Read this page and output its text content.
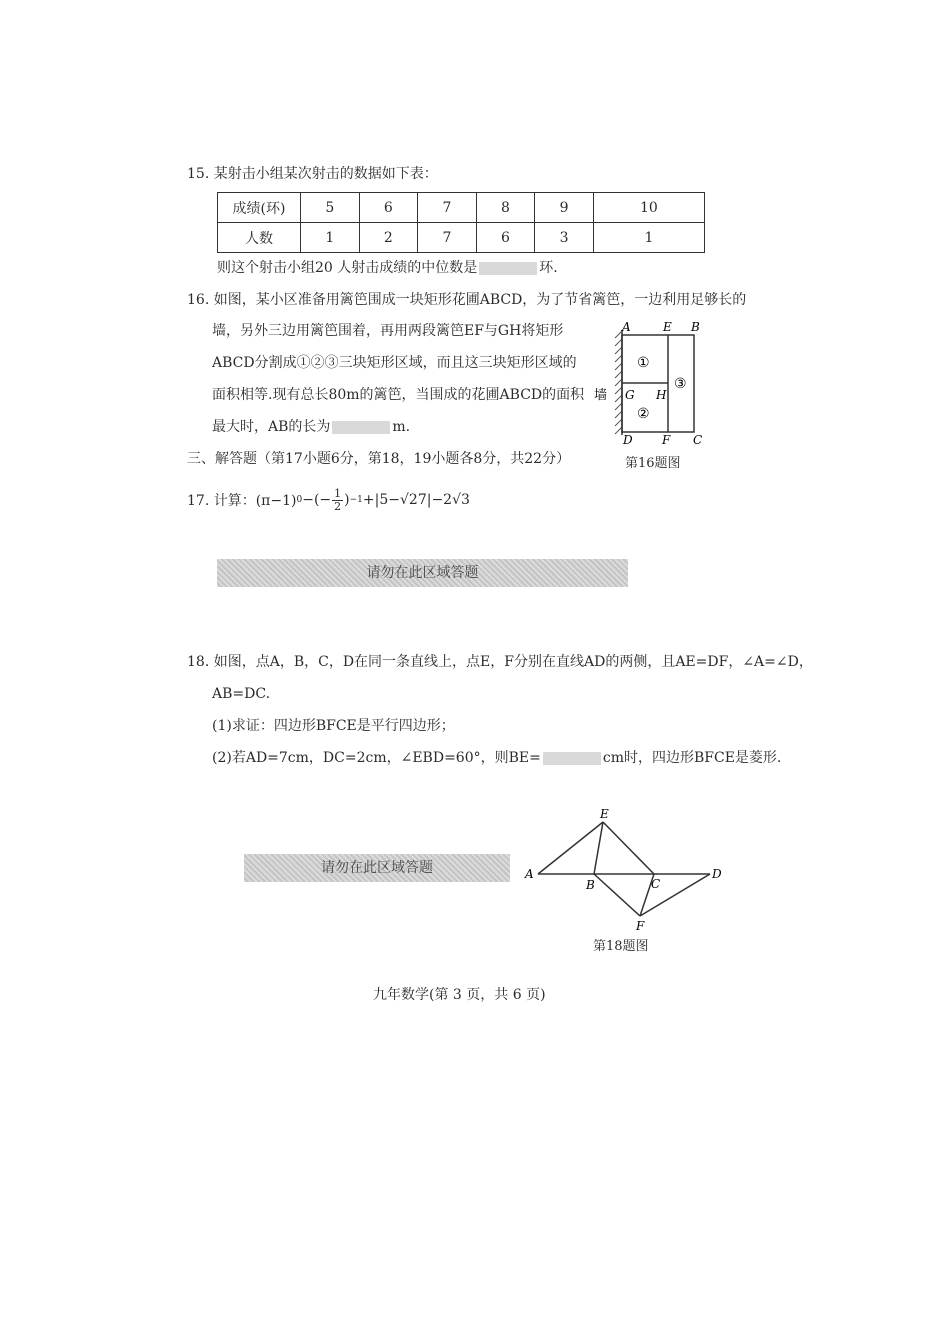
15. 某射击小组某次射击的数据如下表：
成绩(环)	5	6	7	8	9	10
人数	1	2	7	6	3	1
则这个射击小组20 人射击成绩的中位数是	环.
16. 如图，某小区准备用篱笆围成一块矩形花圃ABCD，为了节省篱笆，一边利用足够长的
墙，另外三边用篱笆围着，再用两段篱笆EF与GH将矩形
ABCD分割成①②③三块矩形区域，而且这三块矩形区域的
面积相等.现有总长80m的篱笆，当围成的花圃ABCD的面积
最大时，AB的长为	m.
A	E B
G H
D F C
①
②
③
墙
第16题图
三、解答题（第17小题6分，第18，19小题各8分，共22分）
17. 计算：(π−1) 0 −(− $\frac{1}{2}$ ) −1 +|5−√27|−2√3
请勿在此区域答题
18. 如图，点A，B，C，D在同一条直线上，点E，F分别在直线AD的两侧，且AE=DF，∠A=∠D，
AB=DC.
(1)求证：四边形BFCE是平行四边形；
(2)若AD=7cm，DC=2cm，∠EBD=60°，则BE=	cm时，四边形BFCE是菱形.
请勿在此区域答题	A
B	C
D
E
F
第18题图
九年数学(第 3 页，共 6 页)
